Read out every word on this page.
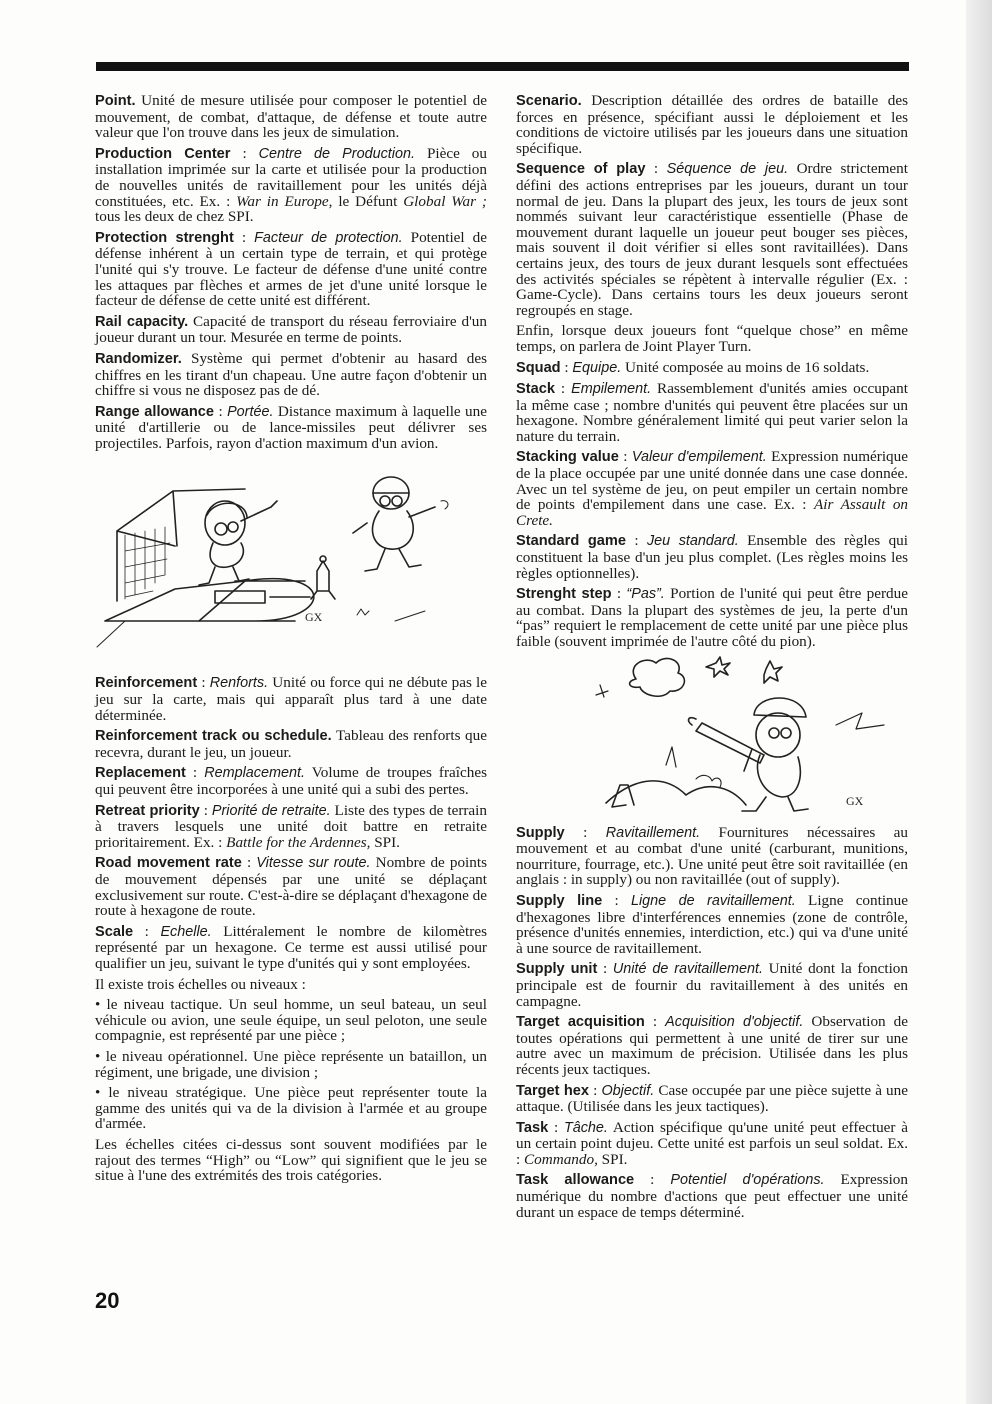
Point. Unité de mesure utilisée pour composer le potentiel de mouvement, de combat, d'attaque, de défense et toute autre valeur que l'on trouve dans les jeux de simulation.
Production Center : Centre de Production. Pièce ou installation imprimée sur la carte et utilisée pour la production de nouvelles unités de ravitaillement pour les unités déjà constituées, etc. Ex. : War in Europe, le Défunt Global War ; tous les deux de chez SPI.
Protection strenght : Facteur de protection. Potentiel de défense inhérent à un certain type de terrain, et qui protège l'unité qui s'y trouve. Le facteur de défense d'une unité contre les attaques par flèches et armes de jet d'une unité lorsque le facteur de défense de cette unité est différent.
Rail capacity. Capacité de transport du réseau ferroviaire d'un joueur durant un tour. Mesurée en terme de points.
Randomizer. Système qui permet d'obtenir au hasard des chiffres en les tirant d'un chapeau. Une autre façon d'obtenir un chiffre si vous ne disposez pas de dé.
Range allowance : Portée. Distance maximum à laquelle une unité d'artillerie ou de lance-missiles peut délivrer ses projectiles. Parfois, rayon d'action maximum d'un avion.
GX
Reinforcement : Renforts. Unité ou force qui ne débute pas le jeu sur la carte, mais qui apparaît plus tard à une date déterminée.
Reinforcement track ou schedule. Tableau des renforts que recevra, durant le jeu, un joueur.
Replacement : Remplacement. Volume de troupes fraîches qui peuvent être incorporées à une unité qui a subi des pertes.
Retreat priority : Priorité de retraite. Liste des types de terrain à travers lesquels une unité doit battre en retraite prioritairement. Ex. : Battle for the Ardennes, SPI.
Road movement rate : Vitesse sur route. Nombre de points de mouvement dépensés par une unité se déplaçant exclusivement sur route. C'est-à-dire se déplaçant d'hexagone de route à hexagone de route.
Scale : Echelle. Littéralement le nombre de kilomètres représenté par un hexagone. Ce terme est aussi utilisé pour qualifier un jeu, suivant le type d'unités qui y sont employées.
Il existe trois échelles ou niveaux :
• le niveau tactique. Un seul homme, un seul bateau, un seul véhicule ou avion, une seule équipe, un seul peloton, une seule compagnie, est représenté par une pièce ;
• le niveau opérationnel. Une pièce représente un bataillon, un régiment, une brigade, une division ;
• le niveau stratégique. Une pièce peut représenter toute la gamme des unités qui va de la division à l'armée et au groupe d'armée.
Les échelles citées ci-dessus sont souvent modifiées par le rajout des termes “High” ou “Low” qui signifient que le jeu se situe à l'une des extrémités des trois catégories.
Scenario. Description détaillée des ordres de bataille des forces en présence, spécifiant aussi le déploiement et les conditions de victoire utilisés par les joueurs dans une situation spécifique.
Sequence of play : Séquence de jeu. Ordre strictement défini des actions entreprises par les joueurs, durant un tour normal de jeu. Dans la plupart des jeux, les tours de jeux sont nommés suivant leur caractéristique essentielle (Phase de mouvement durant laquelle un joueur peut bouger ses pièces, mais souvent il doit vérifier si elles sont ravitaillées). Dans certains jeux, des tours de jeux durant lesquels sont effectuées des activités spéciales se répètent à intervalle régulier (Ex. : Game-Cycle). Dans certains tours les deux joueurs seront regroupés en stage.
Enfin, lorsque deux joueurs font “quelque chose” en même temps, on parlera de Joint Player Turn.
Squad : Equipe. Unité composée au moins de 16 soldats.
Stack : Empilement. Rassemblement d'unités amies occupant la même case ; nombre d'unités qui peuvent être placées sur un hexagone. Nombre généralement limité qui peut varier selon la nature du terrain.
Stacking value : Valeur d'empilement. Expression numérique de la place occupée par une unité donnée dans une case donnée. Avec un tel système de jeu, on peut empiler un certain nombre de points d'empilement dans une case. Ex. : Air Assault on Crete.
Standard game : Jeu standard. Ensemble des règles qui constituent la base d'un jeu plus complet. (Les règles moins les règles optionnelles).
Strenght step : “Pas”. Portion de l'unité qui peut être perdue au combat. Dans la plupart des systèmes de jeu, la perte d'un “pas” requiert le remplacement de cette unité par une pièce plus faible (souvent imprimée de l'autre côté du pion).
GX
Supply : Ravitaillement. Fournitures nécessaires au mouvement et au combat d'une unité (carburant, munitions, nourriture, fourrage, etc.). Une unité peut être soit ravitaillée (en anglais : in supply) ou non ravitaillée (out of supply).
Supply line : Ligne de ravitaillement. Ligne continue d'hexagones libre d'interférences ennemies (zone de contrôle, présence d'unités ennemies, interdiction, etc.) qui va d'une unité à une source de ravitaillement.
Supply unit : Unité de ravitaillement. Unité dont la fonction principale est de fournir du ravitaillement à des unités en campagne.
Target acquisition : Acquisition d'objectif. Observation de toutes opérations qui permettent à une unité de tirer sur une autre avec un maximum de précision. Utilisée dans les plus récents jeux tactiques.
Target hex : Objectif. Case occupée par une pièce sujette à une attaque. (Utilisée dans les jeux tactiques).
Task : Tâche. Action spécifique qu'une unité peut effectuer à un certain point dujeu. Cette unité est parfois un seul soldat. Ex. : Commando, SPI.
Task allowance : Potentiel d'opérations. Expression numérique du nombre d'actions que peut effectuer une unité durant un espace de temps déterminé.
20
